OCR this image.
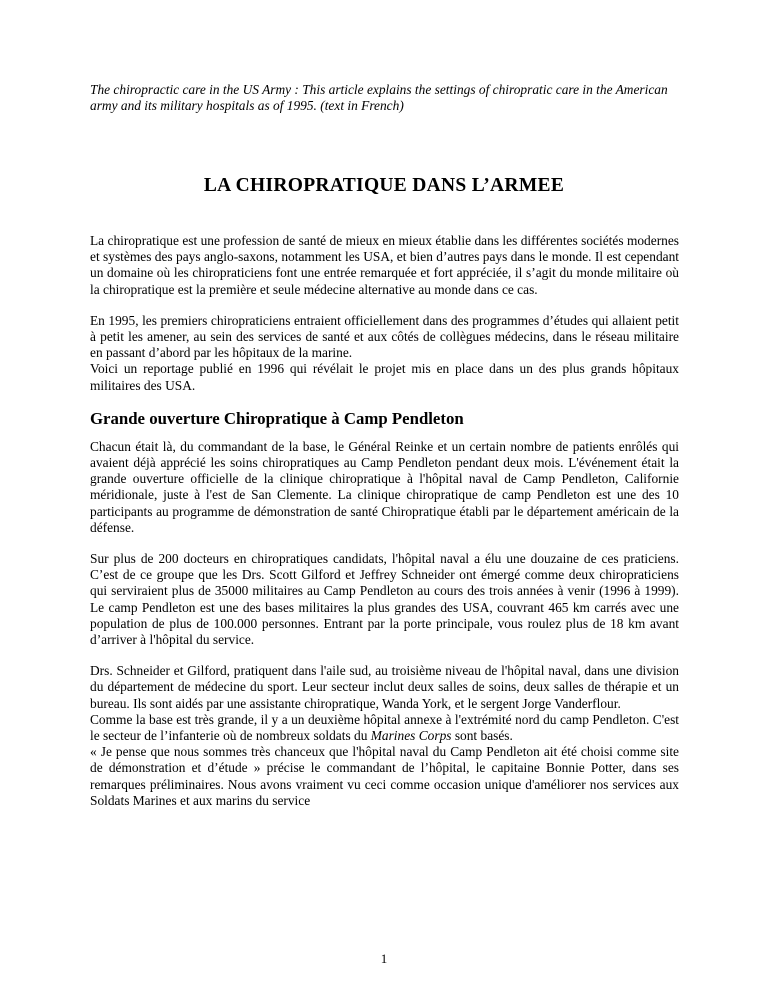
The chiropractic care in the US Army : This article explains the settings of chiropratic care in the American army and its military hospitals as of 1995. (text in French)

LA CHIROPRATIQUE DANS L’ARMEE

La chiropratique est une profession de santé de mieux en mieux établie dans les différentes sociétés modernes et systèmes des pays anglo-saxons, notamment les USA, et bien d’autres pays dans le monde. Il est cependant un domaine où les chiropraticiens font une entrée remarquée et fort appréciée, il s’agit du monde militaire où la chiropratique est la première et seule médecine alternative au monde dans ce cas.

En 1995, les premiers chiropraticiens entraient officiellement dans des programmes d’études qui allaient petit à petit les amener, au sein des services de santé et aux côtés de collègues médecins, dans le réseau militaire en passant d’abord par les hôpitaux de la marine.

Voici un reportage publié en 1996 qui révélait le projet mis en place dans un des plus grands hôpitaux militaires des USA.

Grande ouverture Chiropratique à Camp Pendleton

Chacun était là, du commandant de la base, le Général Reinke et un certain nombre de patients enrôlés qui avaient déjà apprécié les soins chiropratiques au Camp Pendleton pendant deux mois. L'événement était la grande ouverture officielle de la clinique chiropratique à l'hôpital naval de Camp Pendleton, Californie méridionale, juste à l'est de San Clemente. La clinique chiropratique de camp Pendleton est une des 10 participants au programme de démonstration de santé Chiropratique établi par le département américain de la défense.

Sur plus de 200 docteurs en chiropratiques candidats, l'hôpital naval a élu une douzaine de ces praticiens. C’est de ce groupe que les Drs. Scott Gilford et Jeffrey Schneider ont émergé comme deux chiropraticiens qui serviraient plus de 35000 militaires au Camp Pendleton au cours des trois années à venir (1996 à 1999). Le camp Pendleton est une des bases militaires la plus grandes des USA, couvrant 465 km carrés avec une population de plus de 100.000 personnes. Entrant par la porte principale, vous roulez plus de 18 km avant d’arriver à l'hôpital du service.

Drs. Schneider et Gilford, pratiquent dans l'aile sud, au troisième niveau de l'hôpital naval, dans une division du département de médecine du sport. Leur secteur inclut deux salles de soins, deux salles de thérapie et un bureau. Ils sont aidés par une assistante chiropratique, Wanda York, et le sergent Jorge Vanderflour.

Comme la base est très grande, il y a un deuxième hôpital annexe à l'extrémité nord du camp Pendleton. C'est le secteur de l’infanterie où de nombreux soldats du Marines Corps sont basés.

« Je pense que nous sommes très chanceux que l'hôpital naval du Camp Pendleton ait été choisi comme site de démonstration et d’étude » précise le commandant de l’hôpital, le capitaine Bonnie Potter, dans ses remarques préliminaires. Nous avons vraiment vu ceci comme occasion unique d'améliorer nos services aux Soldats Marines et aux marins du service

1
